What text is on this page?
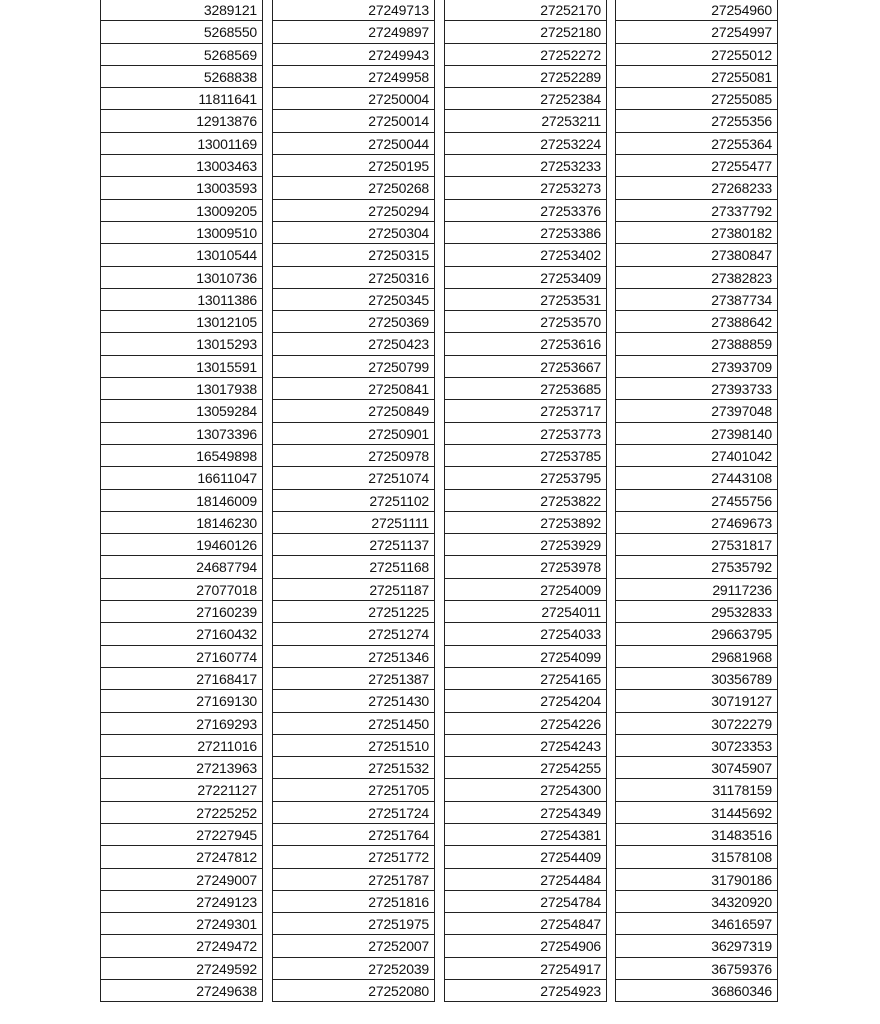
3289121
5268550
5268569
5268838
11811641
12913876
13001169
13003463
13003593
13009205
13009510
13010544
13010736
13011386
13012105
13015293
13015591
13017938
13059284
13073396
16549898
16611047
18146009
18146230
19460126
24687794
27077018
27160239
27160432
27160774
27168417
27169130
27169293
27211016
27213963
27221127
27225252
27227945
27247812
27249007
27249123
27249301
27249472
27249592
27249638
27249713
27249897
27249943
27249958
27250004
27250014
27250044
27250195
27250268
27250294
27250304
27250315
27250316
27250345
27250369
27250423
27250799
27250841
27250849
27250901
27250978
27251074
27251102
27251111
27251137
27251168
27251187
27251225
27251274
27251346
27251387
27251430
27251450
27251510
27251532
27251705
27251724
27251764
27251772
27251787
27251816
27251975
27252007
27252039
27252080
27252170
27252180
27252272
27252289
27252384
27253211
27253224
27253233
27253273
27253376
27253386
27253402
27253409
27253531
27253570
27253616
27253667
27253685
27253717
27253773
27253785
27253795
27253822
27253892
27253929
27253978
27254009
27254011
27254033
27254099
27254165
27254204
27254226
27254243
27254255
27254300
27254349
27254381
27254409
27254484
27254784
27254847
27254906
27254917
27254923
27254960
27254997
27255012
27255081
27255085
27255356
27255364
27255477
27268233
27337792
27380182
27380847
27382823
27387734
27388642
27388859
27393709
27393733
27397048
27398140
27401042
27443108
27455756
27469673
27531817
27535792
29117236
29532833
29663795
29681968
30356789
30719127
30722279
30723353
30745907
31178159
31445692
31483516
31578108
31790186
34320920
34616597
36297319
36759376
36860346
